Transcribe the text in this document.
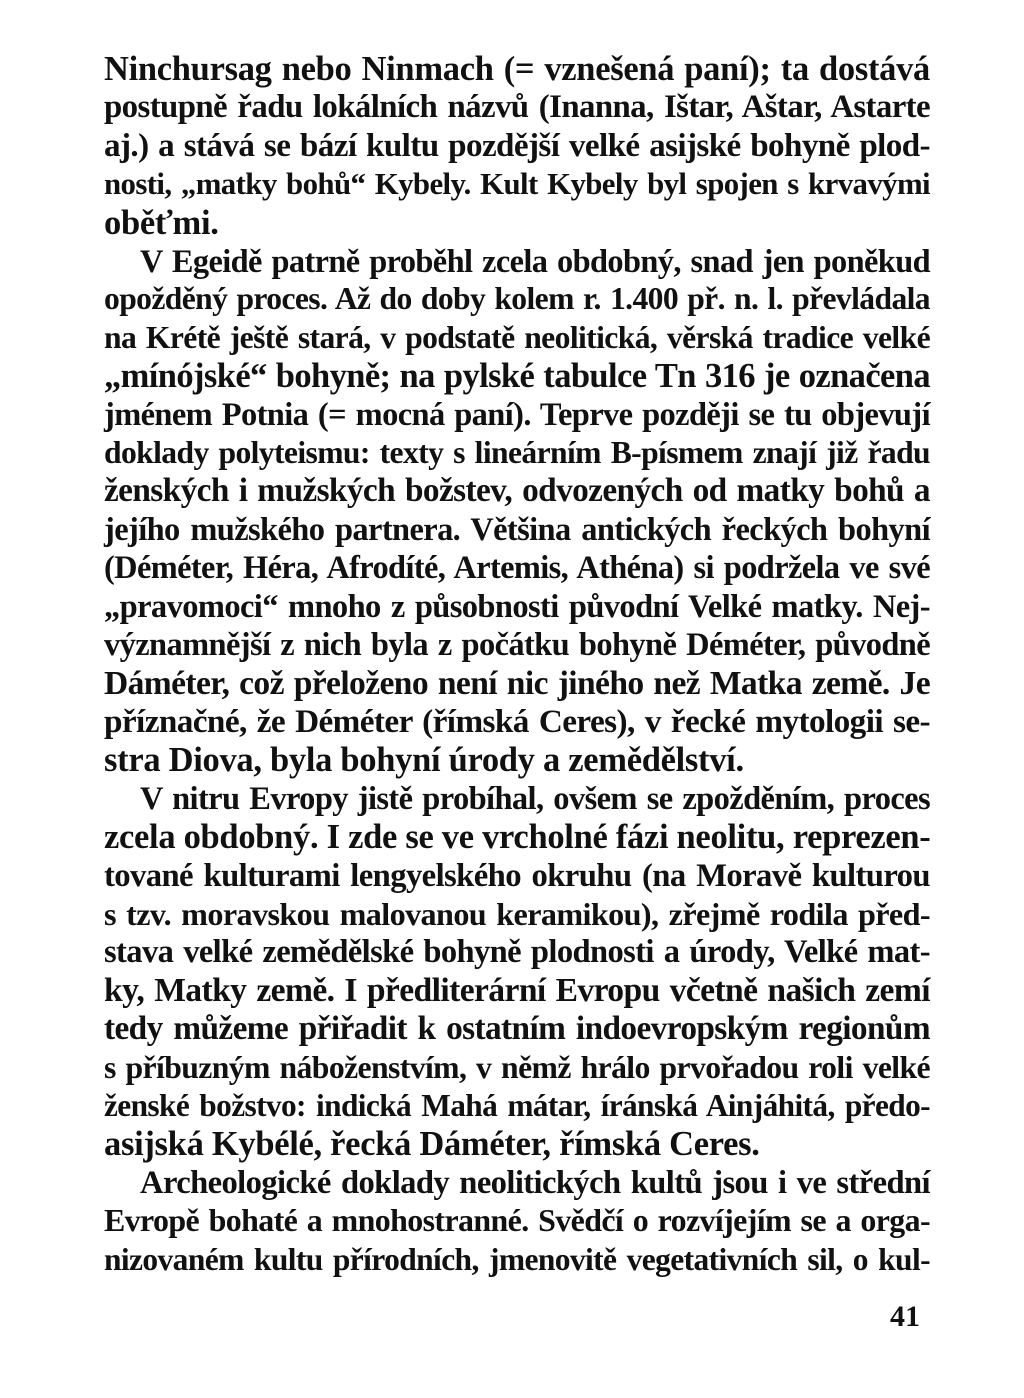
Ninchursag nebo Ninmach (= vznešená paní); ta dostává
postupně řadu lokálních názvů (Inanna, Ištar, Aštar, Astarte
aj.) a stává se bází kultu pozdější velké asijské bohyně plod-
nosti, „matky bohů“ Kybely. Kult Kybely byl spojen s krvavými
oběťmi.

V Egeidě patrně proběhl zcela obdobný, snad jen poněkud
opožděný proces. Až do doby kolem r. 1.400 př. n. l. převládala
na Krétě ještě stará, v podstatě neolitická, věrská tradice velké
„mínójské“ bohyně; na pylské tabulce Tn 316 je označena
jménem Potnia (= mocná paní). Teprve později se tu objevují
doklady polyteismu: texty s lineárním B-písmem znají již řadu
ženských i mužských božstev, odvozených od matky bohů a
jejího mužského partnera. Většina antických řeckých bohyní
(Déméter, Héra, Afrodíté, Artemis, Athéna) si podržela ve své
„pravomoci“ mnoho z působnosti původní Velké matky. Nej-
významnější z nich byla z počátku bohyně Déméter, původně
Dáméter, což přeloženo není nic jiného než Matka země. Je
příznačné, že Déméter (římská Ceres), v řecké mytologii se-
stra Diova, byla bohyní úrody a zemědělství.

V nitru Evropy jistě probíhal, ovšem se zpožděním, proces
zcela obdobný. I zde se ve vrcholné fázi neolitu, reprezen-
tované kulturami lengyelského okruhu (na Moravě kulturou
s tzv. moravskou malovanou keramikou), zřejmě rodila před-
stava velké zemědělské bohyně plodnosti a úrody, Velké mat-
ky, Matky země. I předliterární Evropu včetně našich zemí
tedy můžeme přiřadit k ostatním indoevropským regionům
s příbuzným náboženstvím, v němž hrálo prvořadou roli velké
ženské božstvo: indická Mahá mátar, íránská Ainjáhitá, předo-
asijská Kybélé, řecká Dáméter, římská Ceres.

Archeologické doklady neolitických kultů jsou i ve střední
Evropě bohaté a mnohostranné. Svědčí o rozvíjejím se a orga-
nizovaném kultu přírodních, jmenovitě vegetativních sil, o kul-

41
